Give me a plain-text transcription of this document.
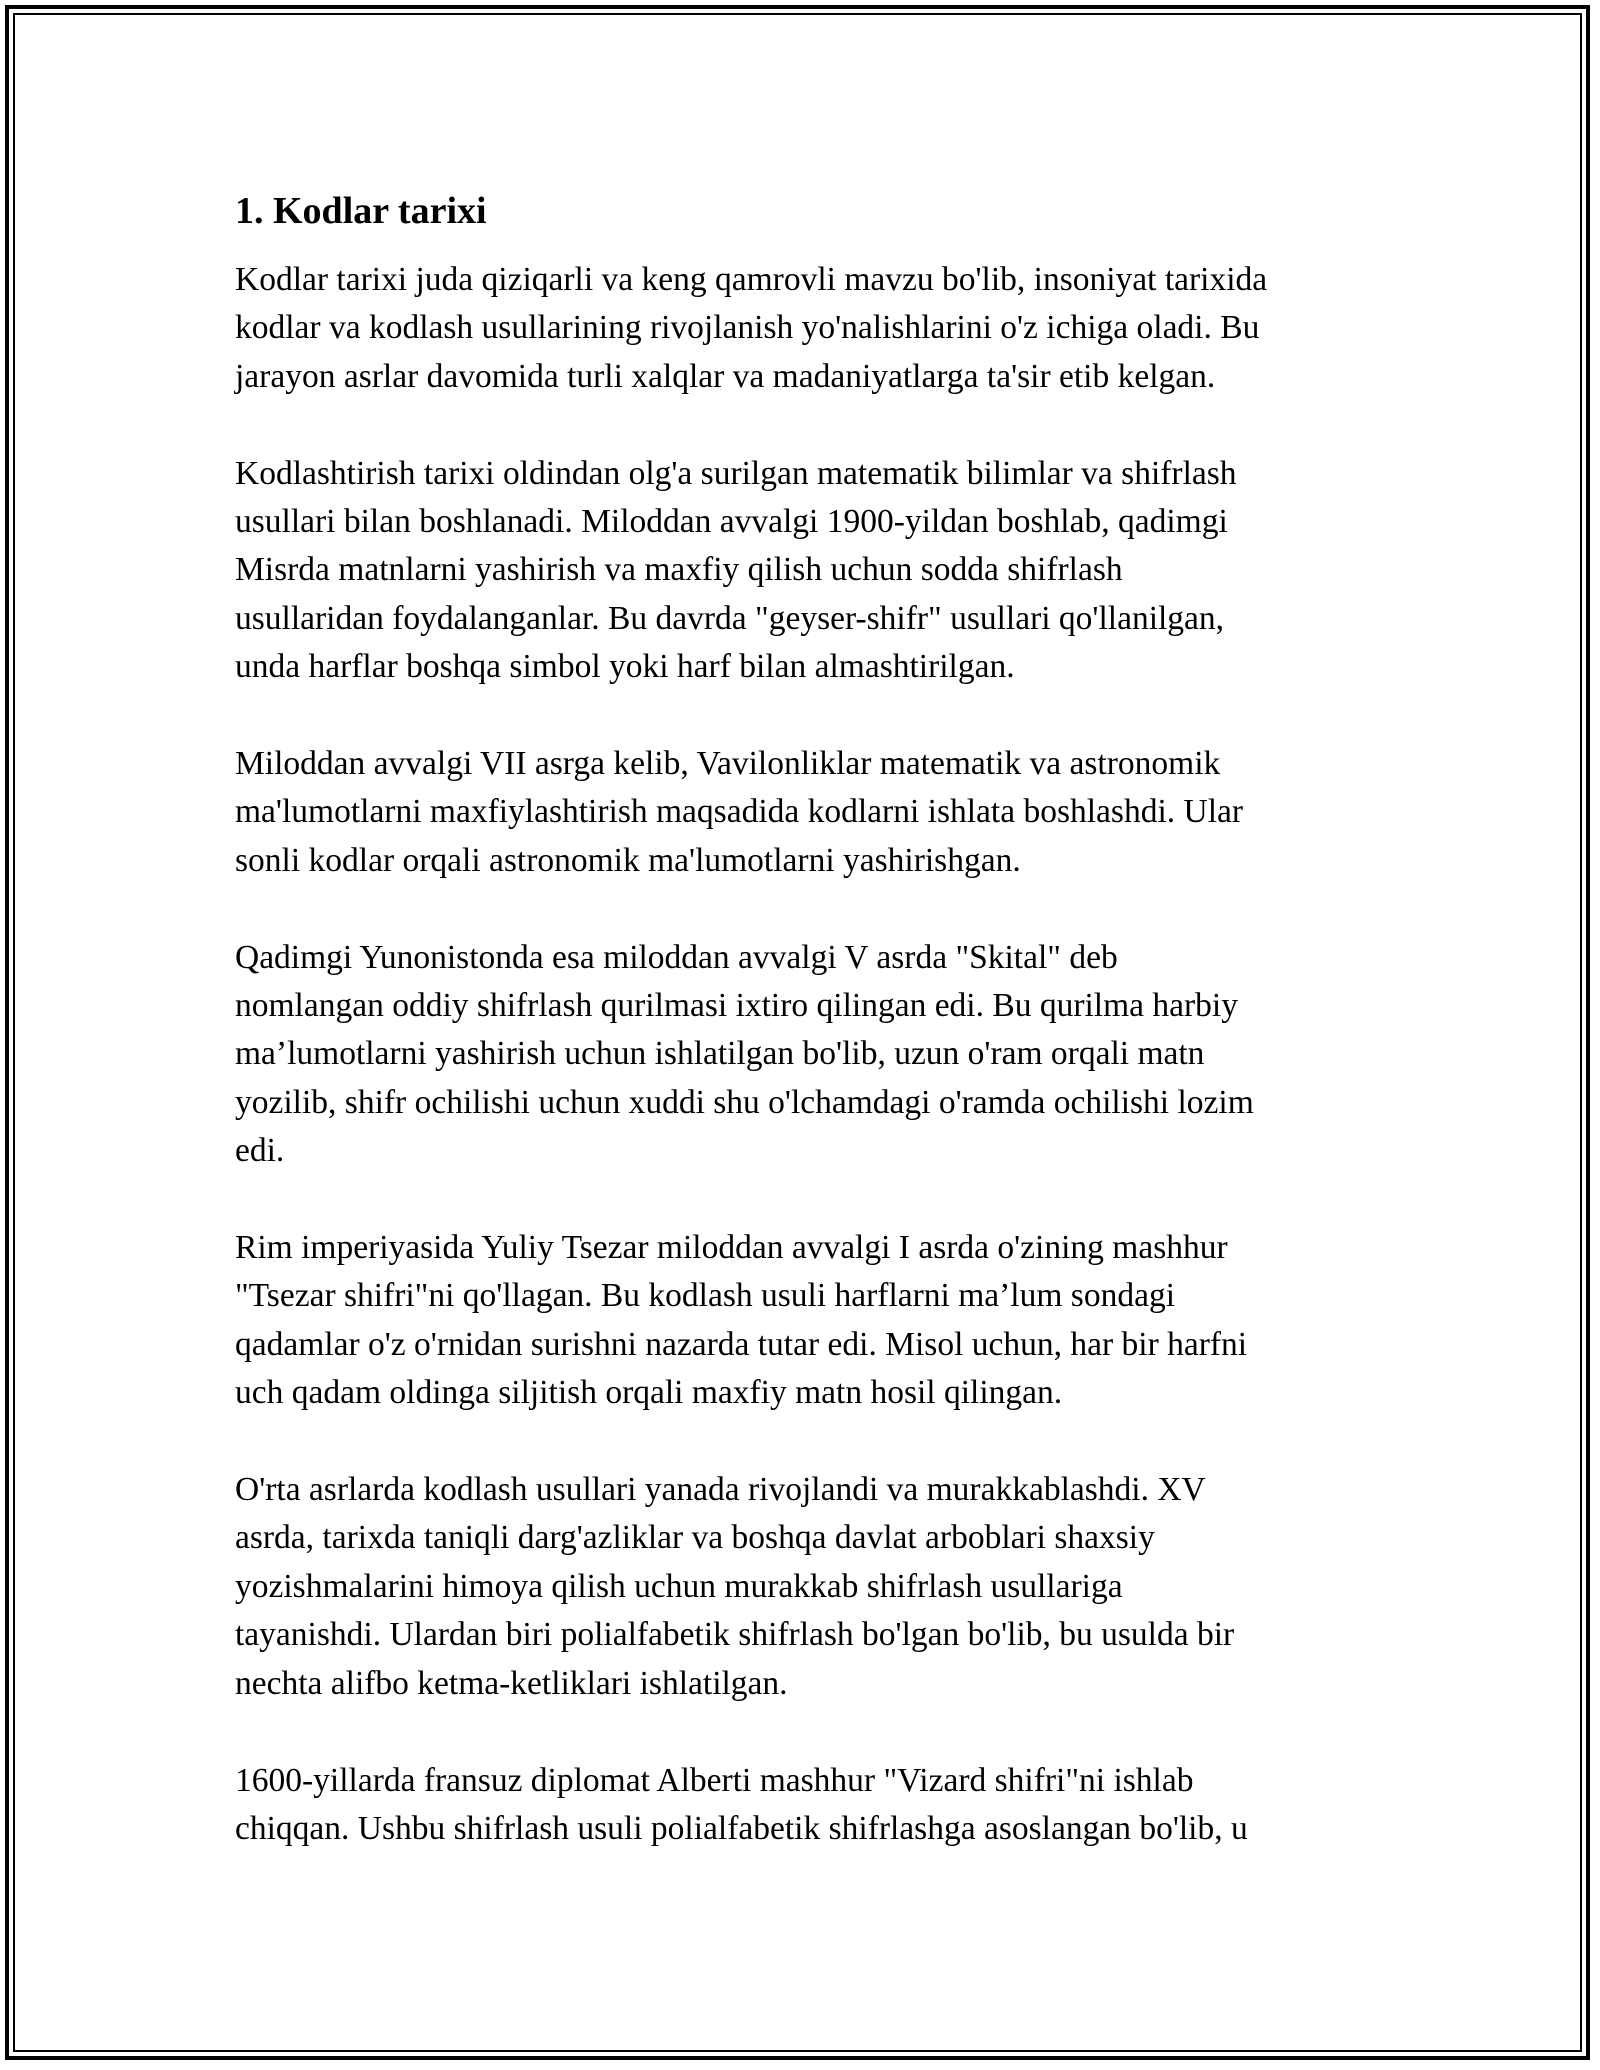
1. Kodlar tarixi
Kodlar tarixi juda qiziqarli va keng qamrovli mavzu bo'lib, insoniyat tarixida
kodlar va kodlash usullarining rivojlanish yo'nalishlarini o'z ichiga oladi. Bu
jarayon asrlar davomida turli xalqlar va madaniyatlarga ta'sir etib kelgan.
Kodlashtirish tarixi oldindan olg'a surilgan matematik bilimlar va shifrlash
usullari bilan boshlanadi. Miloddan avvalgi 1900-yildan boshlab, qadimgi
Misrda matnlarni yashirish va maxfiy qilish uchun sodda shifrlash
usullaridan foydalanganlar. Bu davrda "geyser-shifr" usullari qo'llanilgan,
unda harflar boshqa simbol yoki harf bilan almashtirilgan.
Miloddan avvalgi VII asrga kelib, Vavilonliklar matematik va astronomik
ma'lumotlarni maxfiylashtirish maqsadida kodlarni ishlata boshlashdi. Ular
sonli kodlar orqali astronomik ma'lumotlarni yashirishgan.
Qadimgi Yunonistonda esa miloddan avvalgi V asrda "Skital" deb
nomlangan oddiy shifrlash qurilmasi ixtiro qilingan edi. Bu qurilma harbiy
ma’lumotlarni yashirish uchun ishlatilgan bo'lib, uzun o'ram orqali matn
yozilib, shifr ochilishi uchun xuddi shu o'lchamdagi o'ramda ochilishi lozim
edi.
Rim imperiyasida Yuliy Tsezar miloddan avvalgi I asrda o'zining mashhur
"Tsezar shifri"ni qo'llagan. Bu kodlash usuli harflarni ma’lum sondagi
qadamlar o'z o'rnidan surishni nazarda tutar edi. Misol uchun, har bir harfni
uch qadam oldinga siljitish orqali maxfiy matn hosil qilingan.
O'rta asrlarda kodlash usullari yanada rivojlandi va murakkablashdi. XV
asrda, tarixda taniqli darg'azliklar va boshqa davlat arboblari shaxsiy
yozishmalarini himoya qilish uchun murakkab shifrlash usullariga
tayanishdi. Ulardan biri polialfabetik shifrlash bo'lgan bo'lib, bu usulda bir
nechta alifbo ketma-ketliklari ishlatilgan.
1600-yillarda fransuz diplomat Alberti mashhur "Vizard shifri"ni ishlab
chiqqan. Ushbu shifrlash usuli polialfabetik shifrlashga asoslangan bo'lib, u
